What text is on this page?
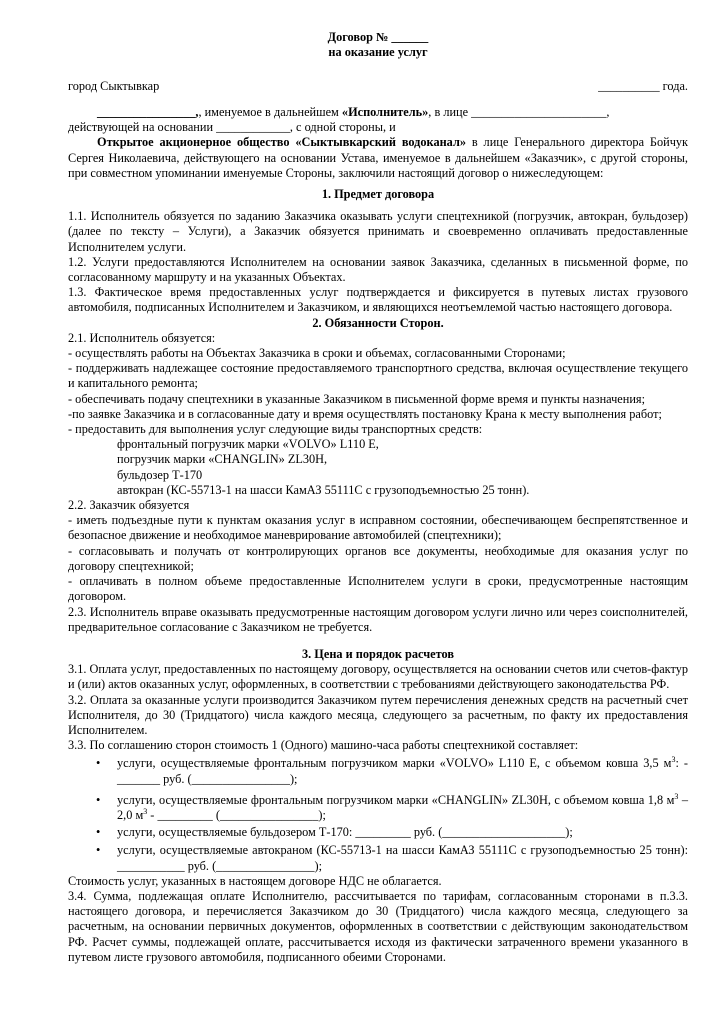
Договор № ______
на оказание услуг
город Сыктывкар	__________ года.

________________,, именуемое в дальнейшем «Исполнитель», в лице ______________________,

действующей на основании ____________, с одной стороны, и

Открытое акционерное общество «Сыктывкарский водоканал» в лице Генерального директора Бойчук Сергея Николаевича, действующего на основании Устава, именуемое в дальнейшем «Заказчик», с другой стороны, при совместном упоминании именуемые Стороны, заключили настоящий договор о нижеследующем:

1. Предмет договора

1.1. Исполнитель обязуется по заданию Заказчика оказывать услуги спецтехникой (погрузчик, автокран, бульдозер) (далее по тексту – Услуги), а Заказчик обязуется принимать и своевременно оплачивать предоставленные Исполнителем услуги.

1.2. Услуги предоставляются Исполнителем на основании заявок Заказчика, сделанных в письменной форме, по согласованному маршруту и на указанных Объектах.

1.3. Фактическое время предоставленных услуг подтверждается и фиксируется в путевых листах грузового автомобиля, подписанных Исполнителем и Заказчиком, и являющихся неотъемлемой частью настоящего договора.

2. Обязанности Сторон.

2.1. Исполнитель обязуется:

- осуществлять работы на Объектах Заказчика в сроки и объемах, согласованными Сторонами;

- поддерживать надлежащее состояние предоставляемого транспортного средства, включая осуществление текущего и капитального ремонта;

- обеспечивать подачу спецтехники в указанные Заказчиком в письменной форме время и пункты назначения;

-по заявке Заказчика и в согласованные дату и время осуществлять постановку Крана к месту выполнения работ;

- предоставить для выполнения услуг следующие виды транспортных средств:

фронтальный погрузчик марки «VOLVO» L110 E,
погрузчик марки «CHANGLIN» ZL30H,
бульдозер Т-170
автокран (КС-55713-1 на шасси КамАЗ 55111С с грузоподъемностью 25 тонн).

2.2. Заказчик обязуется

- иметь подъездные пути к пунктам оказания услуг в исправном состоянии, обеспечивающем беспрепятственное и безопасное движение и необходимое маневрирование автомобилей (спецтехники);

- согласовывать и получать от контролирующих органов все документы, необходимые для оказания услуг по договору спецтехникой;

- оплачивать в полном объеме предоставленные Исполнителем услуги в сроки, предусмотренные настоящим договором.

2.3. Исполнитель вправе оказывать предусмотренные настоящим договором услуги лично или через соисполнителей, предварительное согласование с Заказчиком не требуется.

3. Цена и порядок расчетов

3.1. Оплата услуг, предоставленных по настоящему договору, осуществляется на основании счетов или счетов-фактур и (или) актов оказанных услуг, оформленных, в соответствии с требованиями действующего законодательства РФ.

3.2. Оплата за оказанные услуги производится Заказчиком путем перечисления денежных средств на расчетный счет Исполнителя, до 30 (Тридцатого) числа каждого месяца, следующего за расчетным, по факту их предоставления Исполнителем.

3.3. По соглашению сторон стоимость 1 (Одного) машино-часа работы спецтехникой составляет:

• услуги, осуществляемые фронтальным погрузчиком марки «VOLVO» L110 E, с объемом ковша 3,5 $м^3$: - _______ руб. (________________);
• услуги, осуществляемые фронтальным погрузчиком марки «CHANGLIN» ZL30H, с объемом ковша 1,8 $м^3 - 2,0$ $м^3$ - _________ (________________);
• услуги, осуществляемые бульдозером Т-170: _________ руб. (____________________);
• услуги, осуществляемые автокраном (КС-55713-1 на шасси КамАЗ 55111С с грузоподъемностью 25 тонн): ___________ руб. (________________);

Стоимость услуг, указанных в настоящем договоре НДС не облагается.

3.4. Сумма, подлежащая оплате Исполнителю, рассчитывается по тарифам, согласованным сторонами в п.3.3. настоящего договора, и перечисляется Заказчиком до 30 (Тридцатого) числа каждого месяца, следующего за расчетным, на основании первичных документов, оформленных в соответствии с действующим законодательством РФ. Расчет суммы, подлежащей оплате, рассчитывается исходя из фактически затраченного времени указанного в путевом листе грузового автомобиля, подписанного обеими Сторонами.
